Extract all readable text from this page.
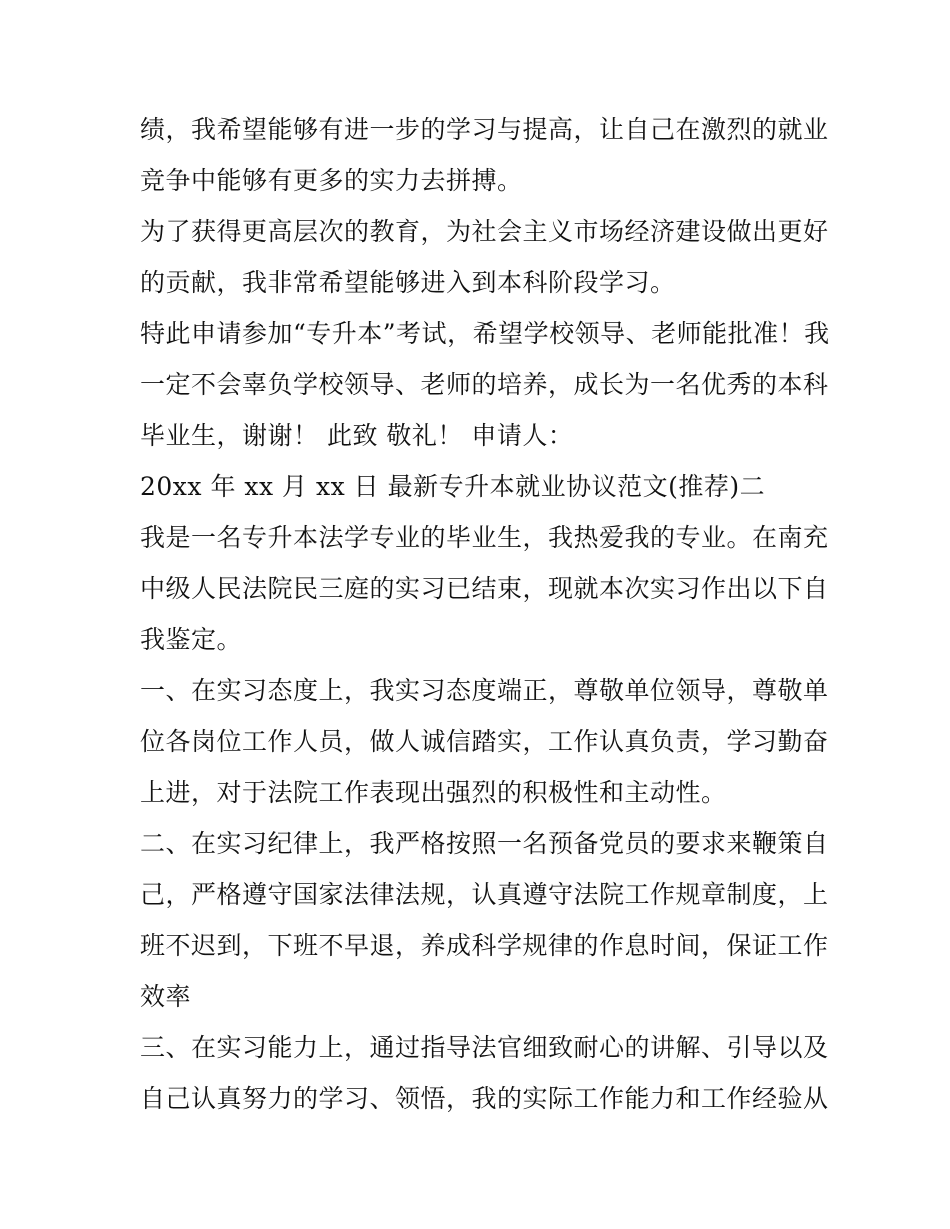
绩，我希望能够有进一步的学习与提高，让自己在激烈的就业
竞争中能够有更多的实力去拼搏。
为了获得更高层次的教育，为社会主义市场经济建设做出更好
的贡献，我非常希望能够进入到本科阶段学习。
特此申请参加“专升本”考试，希望学校领导、老师能批准！我
一定不会辜负学校领导、老师的培养，成长为一名优秀的本科
毕业生，谢谢！ 此致 敬礼！ 申请人：
20xx 年 xx 月 xx 日 最新专升本就业协议范文(推荐)二
我是一名专升本法学专业的毕业生，我热爱我的专业。在南充
中级人民法院民三庭的实习已结束，现就本次实习作出以下自
我鉴定。
一、在实习态度上，我实习态度端正，尊敬单位领导，尊敬单
位各岗位工作人员，做人诚信踏实，工作认真负责，学习勤奋
上进，对于法院工作表现出强烈的积极性和主动性。
二、在实习纪律上，我严格按照一名预备党员的要求来鞭策自
己，严格遵守国家法律法规，认真遵守法院工作规章制度，上
班不迟到，下班不早退，养成科学规律的作息时间，保证工作
效率
三、在实习能力上，通过指导法官细致耐心的讲解、引导以及
自己认真努力的学习、领悟，我的实际工作能力和工作经验从
